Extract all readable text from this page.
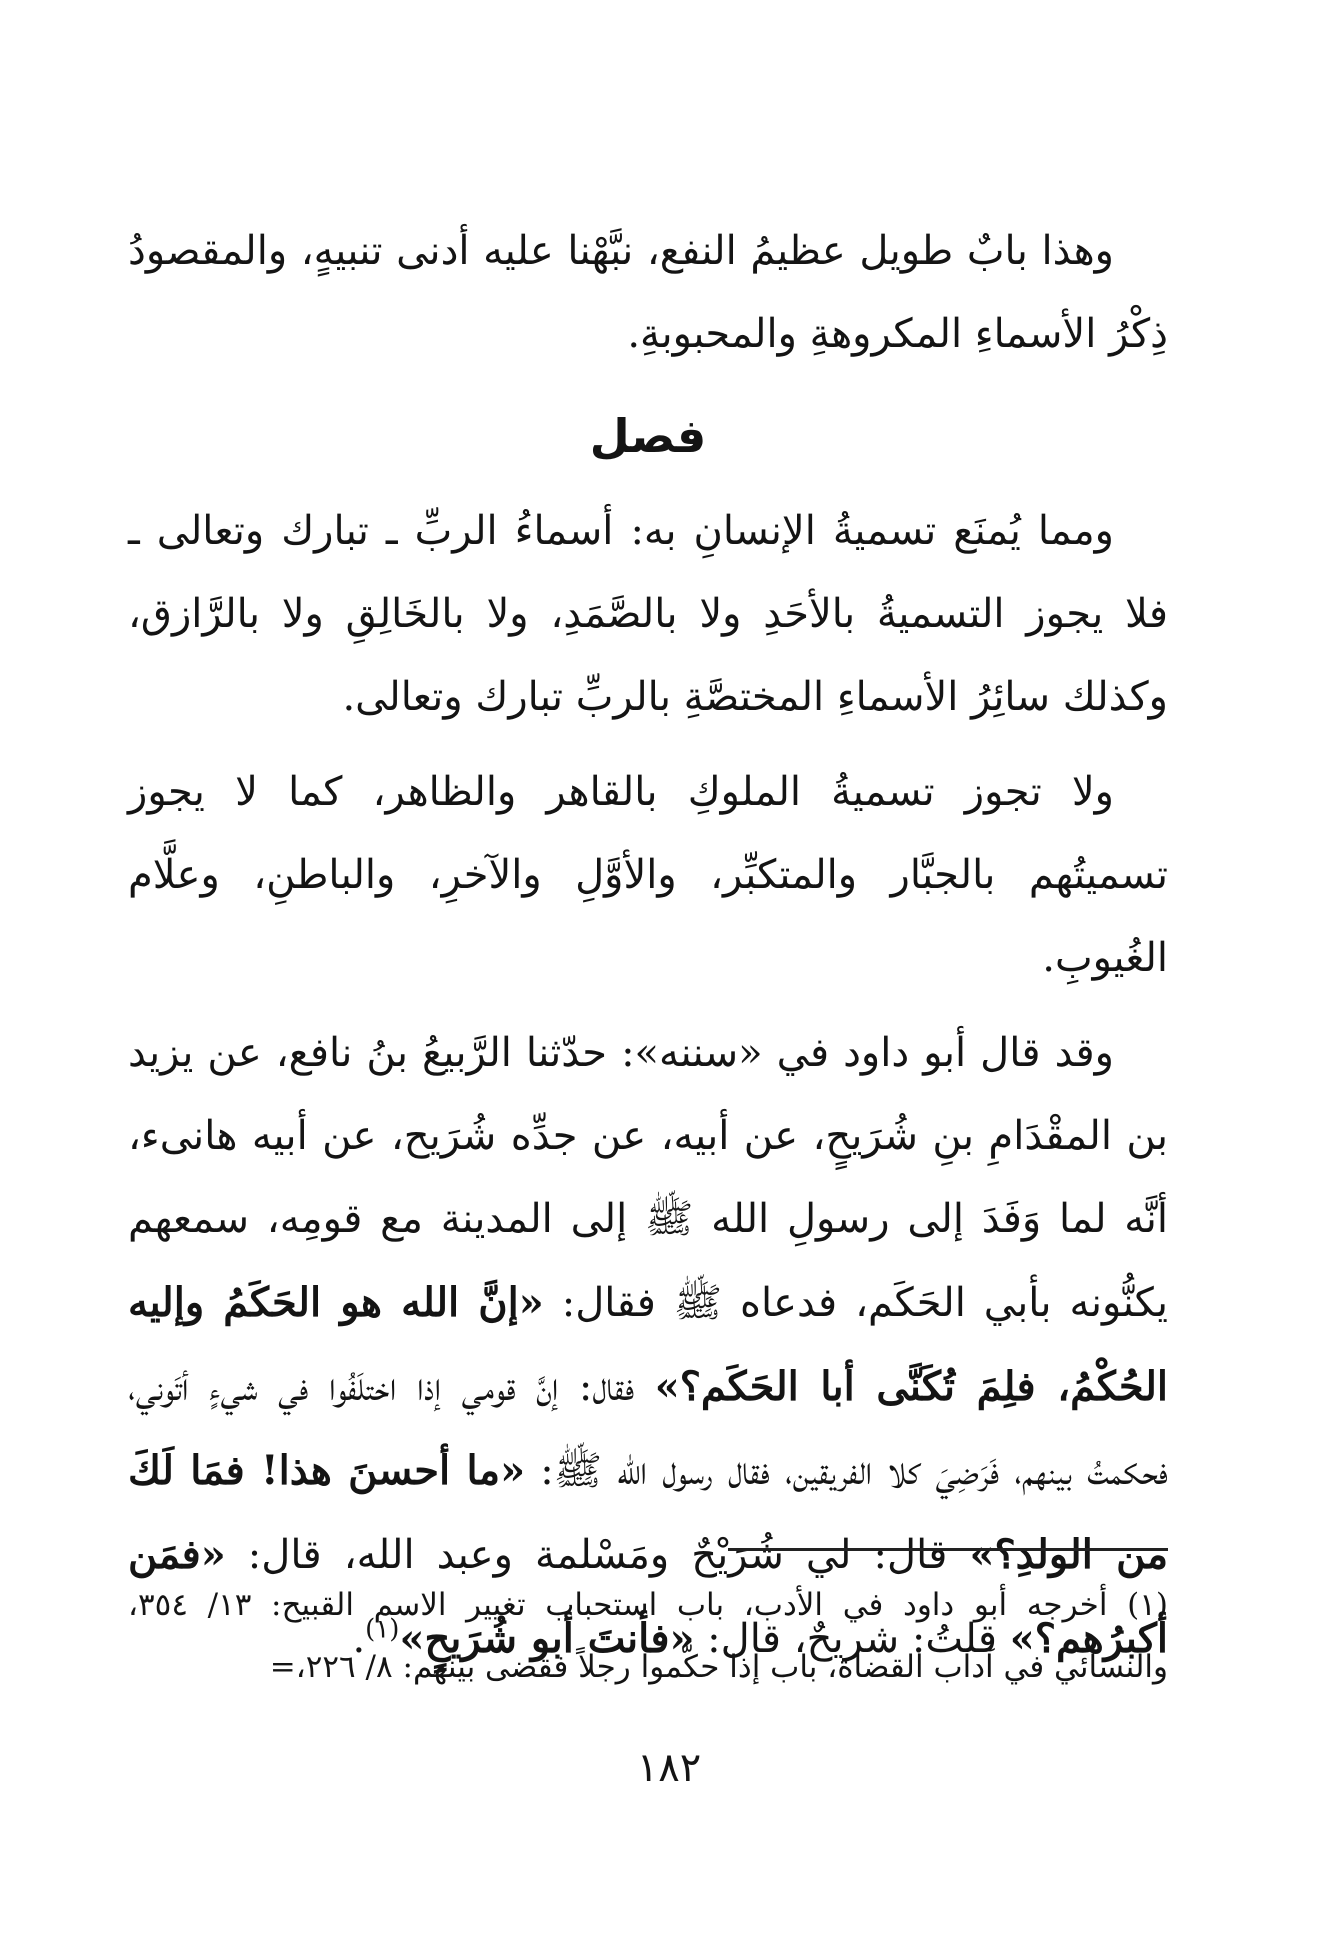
وهذا بابٌ طويل عظيمُ النفع، نبَّهْنا عليه أدنى تنبيهٍ، والمقصودُ ذِكْرُ الأسماءِ المكروهةِ والمحبوبةِ.

فصل

ومما يُمنَع تسميةُ الإنسانِ به: أسماءُ الربِّ ـ تبارك وتعالى ـ فلا يجوز التسميةُ بالأحَدِ ولا بالصَّمَدِ، ولا بالخَالِقِ ولا بالرَّازق، وكذلك سائِرُ الأسماءِ المختصَّةِ بالربِّ تبارك وتعالى.

ولا تجوز تسميةُ الملوكِ بالقاهر والظاهر، كما لا يجوز تسميتُهم بالجبَّار والمتكبِّر، والأوَّلِ والآخرِ، والباطنِ، وعلَّام الغُيوبِ.

وقد قال أبو داود في «سننه»: حدّثنا الرَّبيعُ بنُ نافع، عن يزيد بن المقْدَامِ بنِ شُرَيحٍ، عن أبيه، عن جدِّه شُرَيح، عن أبيه هانىء، أنَّه لما وَفَدَ إلى رسولِ الله ﷺ إلى المدينة مع قومِه، سمعهم يكنُّونه بأبي الحَكَم، فدعاه ﷺ فقال: «إنَّ الله هو الحَكَمُ وإليه الحُكْمُ، فلِمَ تُكَنَّى أبا الحَكَم؟» فقال: إنَّ قومي إذا اختلَفُوا في شيءٍ أتَوني، فحكمتُ بينهم، فَرَضِيَ كلا الفريقين، فقال رسول الله ﷺ: «ما أحسنَ هذا! فمَا لَكَ من الولدِ؟» قال: لي شُرَيْحٌ ومَسْلمة وعبد الله، قال: «فمَن أكبرُهم؟» قلتُ: شريحٌ، قال: «فأنتَ أبو شُرَيحٍ»$^{(١)}$.

(١) أخرجه أبو داود في الأدب، باب استحباب تغيير الاسم القبيح: ١٣/ ٣٥٤، والنسائي في آداب القضاة، باب إذا حكّموا رجلاً فقضى بينهم: ٨/ ٢٢٦،=

١٨٢
